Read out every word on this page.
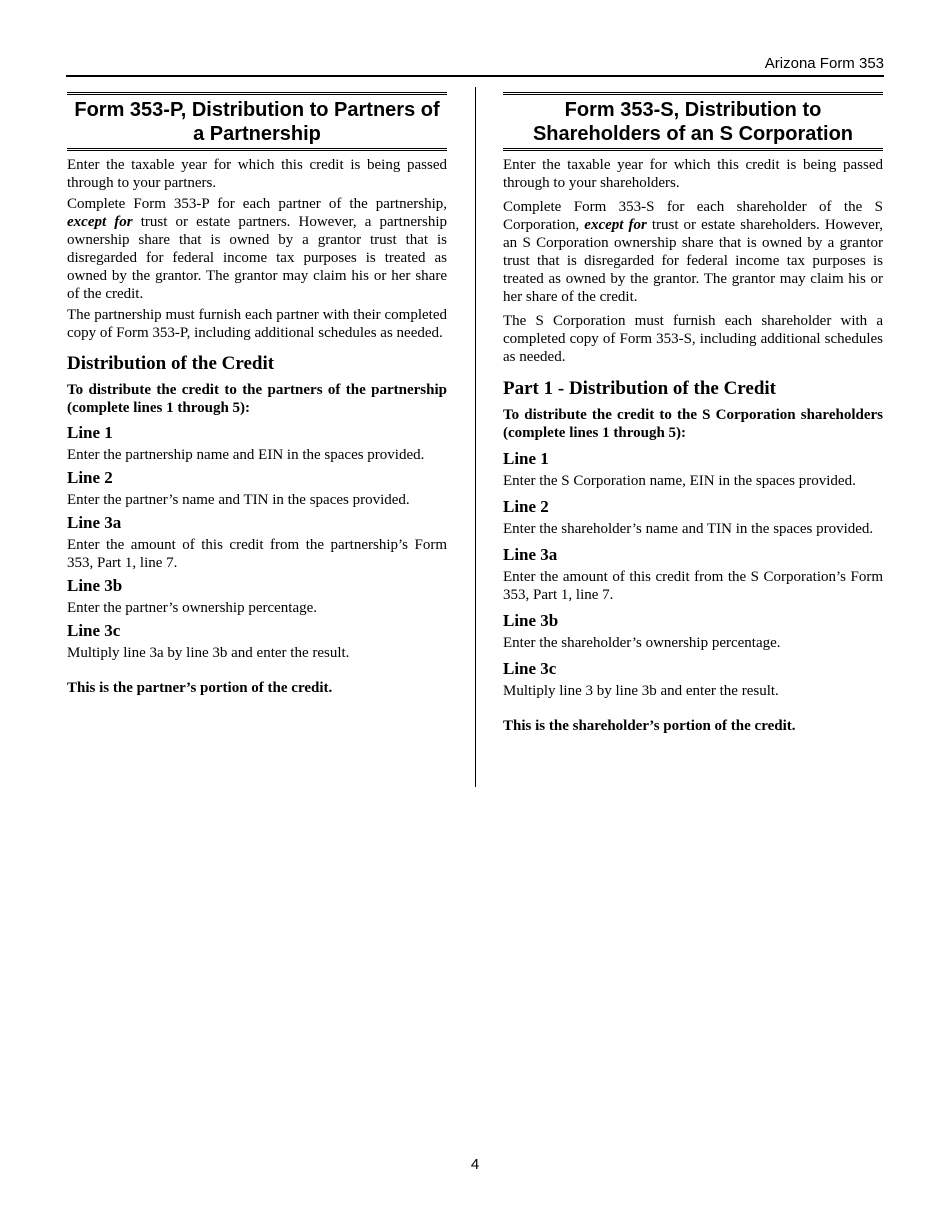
Arizona Form 353
Form 353-P, Distribution to Partners of a Partnership

Enter the taxable year for which this credit is being passed through to your partners.

Complete Form 353-P for each partner of the partnership, except for trust or estate partners. However, a partnership ownership share that is owned by a grantor trust that is disregarded for federal income tax purposes is treated as owned by the grantor. The grantor may claim his or her share of the credit.

The partnership must furnish each partner with their completed copy of Form 353-P, including additional schedules as needed.

Distribution of the Credit
To distribute the credit to the partners of the partnership (complete lines 1 through 5):
Line 1

Enter the partnership name and EIN in the spaces provided.

Line 2

Enter the partner’s name and TIN in the spaces provided.

Line 3a

Enter the amount of this credit from the partnership’s Form 353, Part 1, line 7.

Line 3b

Enter the partner’s ownership percentage.

Line 3c

Multiply line 3a by line 3b and enter the result.

This is the partner’s portion of the credit.
Form 353-S, Distribution to Shareholders of an S Corporation

Enter the taxable year for which this credit is being passed through to your shareholders.

Complete Form 353-S for each shareholder of the S Corporation, except for trust or estate shareholders. However, an S Corporation ownership share that is owned by a grantor trust that is disregarded for federal income tax purposes is treated as owned by the grantor. The grantor may claim his or her share of the credit.

The S Corporation must furnish each shareholder with a completed copy of Form 353-S, including additional schedules as needed.

Part 1 - Distribution of the Credit
To distribute the credit to the S Corporation shareholders (complete lines 1 through 5):
Line 1

Enter the S Corporation name, EIN in the spaces provided.

Line 2

Enter the shareholder’s name and TIN in the spaces provided.

Line 3a

Enter the amount of this credit from the S Corporation’s Form 353, Part 1, line 7.

Line 3b

Enter the shareholder’s ownership percentage.

Line 3c

Multiply line 3 by line 3b and enter the result.

This is the shareholder’s portion of the credit.
4
